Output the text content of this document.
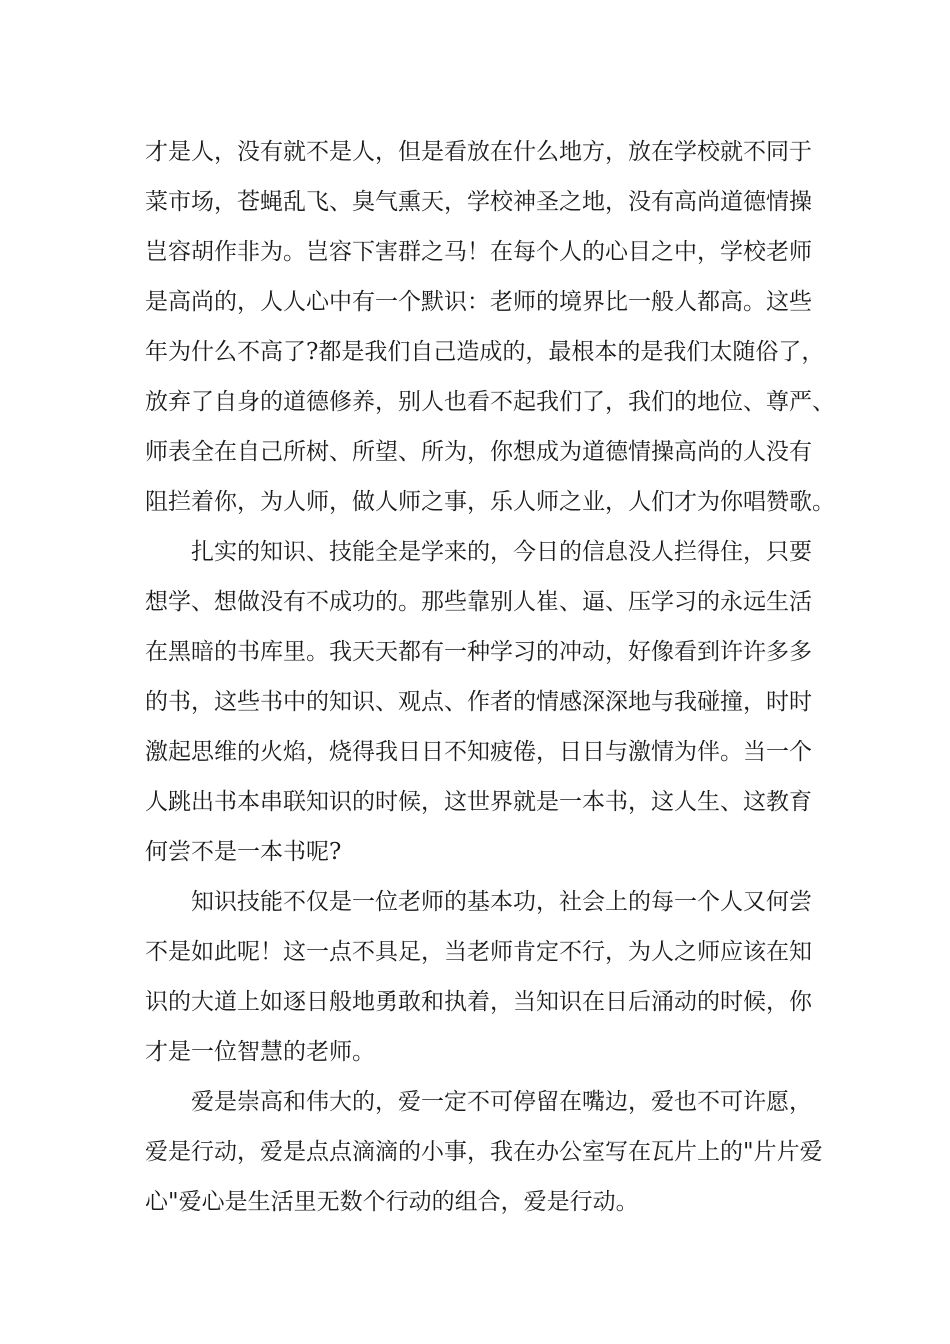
才是人，没有就不是人，但是看放在什么地方，放在学校就不同于
菜市场，苍蝇乱飞、臭气熏天，学校神圣之地，没有高尚道德情操
岂容胡作非为。岂容下害群之马！在每个人的心目之中，学校老师
是高尚的，人人心中有一个默识：老师的境界比一般人都高。这些
年为什么不高了?都是我们自己造成的，最根本的是我们太随俗了，
放弃了自身的道德修养，别人也看不起我们了，我们的地位、尊严、
师表全在自己所树、所望、所为，你想成为道德情操高尚的人没有
阻拦着你，为人师，做人师之事，乐人师之业，人们才为你唱赞歌。
扎实的知识、技能全是学来的，今日的信息没人拦得住，只要
想学、想做没有不成功的。那些靠别人崔、逼、压学习的永远生活
在黑暗的书库里。我天天都有一种学习的冲动，好像看到许许多多
的书，这些书中的知识、观点、作者的情感深深地与我碰撞，时时
激起思维的火焰，烧得我日日不知疲倦，日日与激情为伴。当一个
人跳出书本串联知识的时候，这世界就是一本书，这人生、这教育
何尝不是一本书呢?
知识技能不仅是一位老师的基本功，社会上的每一个人又何尝
不是如此呢！这一点不具足，当老师肯定不行，为人之师应该在知
识的大道上如逐日般地勇敢和执着，当知识在日后涌动的时候，你
才是一位智慧的老师。
爱是崇高和伟大的，爱一定不可停留在嘴边，爱也不可许愿，
爱是行动，爱是点点滴滴的小事，我在办公室写在瓦片上的"片片爱
心"爱心是生活里无数个行动的组合，爱是行动。
